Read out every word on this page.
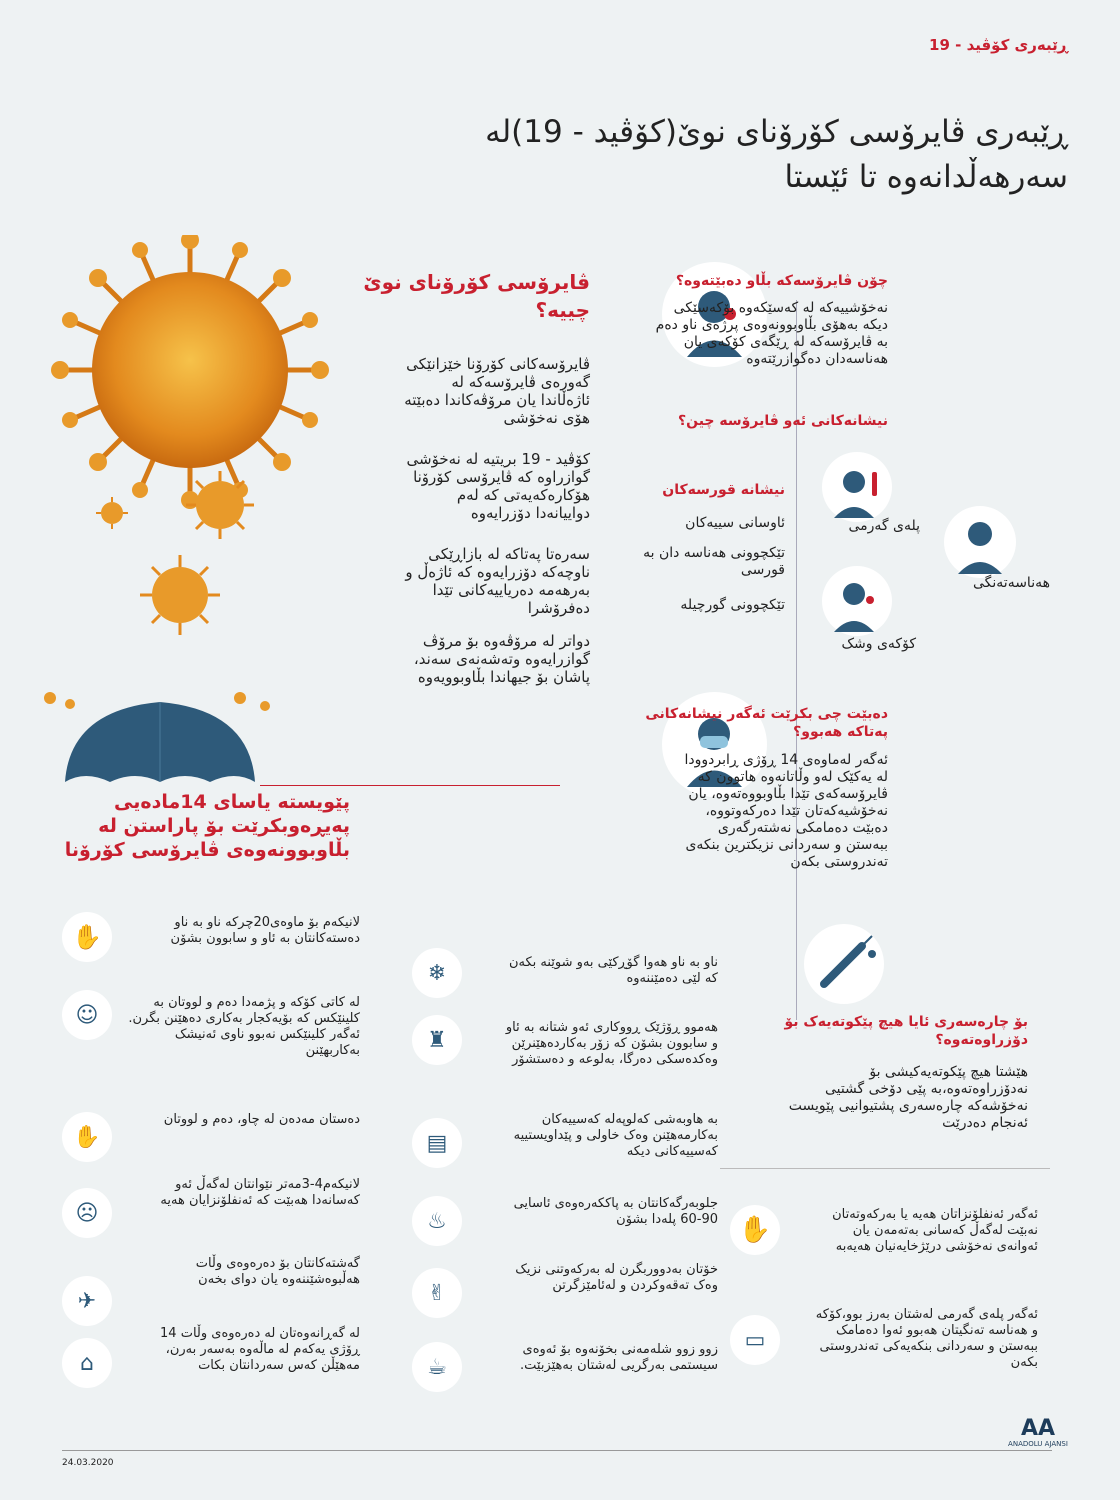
ڕێبەری کۆڤید - 19
ڕێبەری ڤایرۆسی کۆرۆنای نوێ(کۆڤید - 19)لە سەرهەڵدانەوە تا ئێستا
ڤایرۆسی کۆرۆنای نوێ چییە؟
ڤایرۆسەکانی کۆرۆنا خێزانێکی گەورەی ڤایرۆسەکە لە ئاژەڵاندا یان مرۆڤەکاندا دەبێتە هۆی نەخۆشی
کۆڤید - 19 بریتیە لە نەخۆشی گوازراوە کە ڤایرۆسی کۆرۆنا هۆکارەکەیەتی کە لەم دواییانەدا دۆزرایەوە
سەرەتا پەتاکە لە بازاڕێکی ناوچەکە دۆزرایەوە کە ئاژەڵ و بەرهەمە دەریاییەکانی تێدا دەفرۆشرا
دواتر لە مرۆڤەوە بۆ مرۆڤ گوازرایەوە وتەشەنەی سەند، پاشان بۆ جیهاندا بڵاوبوویەوە
پێویستە یاسای 14مادەیی پەیڕەوبکرێت بۆ پاراستن لە بڵاوبوونەوەی ڤایرۆسی کۆرۆنا
چۆن ڤایرۆسەکە بڵاو دەبێتەوە؟
نەخۆشییەکە لە کەسێکەوە بۆکەسێکی دیکە بەهۆی بڵاوبوونەوەی پرژەی ناو دەم بە ڤایرۆسەکە لە ڕێگەی کۆکەی یان هەناسەدان دەگوازرێتەوە
نیشانەکانی ئەو ڤایرۆسە چین؟
نیشانە قورسەکان
ئاوسانی سییەکان
تێکچوونی هەناسە دان بە قورسی
تێکچوونی گورچیلە
پلەی گەرمی
هەناسەتەنگی
کۆکەی وشک
دەبێت چی بکرێت ئەگەر نیشانەکانی پەتاکە هەبوو؟
ئەگەر لەماوەی 14 ڕۆژی ڕابردوودا لە یەکێک لەو وڵاتانەوە هاتوون کە ڤایرۆسەکەی تێدا بڵاوبووەتەوە، یان نەخۆشیەکەتان تێدا دەرکەوتووە، دەبێت دەمامکی نەشتەرگەری ببەستن و سەردانی نزیکترین بنکەی تەندروستی بکەن
بۆ چارەسەری ئایا هیچ پێکوتەیەک بۆ دۆزراوەتەوە؟
هێشتا هیچ پێکوتەیەکیشی بۆ نەدۆزراوەتەوە،بە پێی دۆخی گشتیی نەخۆشەکە چارەسەری پشتیوانیی پێویست ئەنجام دەدرێت
✋
ئەگەر ئەنفلۆنزاتان هەیە یا بەرکەوتەتان نەبێت لەگەڵ کەسانی بەتەمەن یان ئەوانەی نەخۆشی درێژخایەنیان هەیەبە
▭
ئەگەر پلەی گەرمی لەشتان بەرز بوو،کۆکە و هەناسە تەنگیتان هەبوو ئەوا دەمامک ببەستن و سەردانی بنکەیەکی تەندروستی بکەن
✋
لانیکەم بۆ ماوەی20چرکە ناو بە ناو دەستەکانتان بە ئاو و سابوون بشۆن
☺	لە کاتی کۆکە و پژمەدا دەم و لووتان بە کلینێکس کە بۆیەکجار بەکاری دەهێنن بگرن. ئەگەر کلینێکس نەبوو ناوی ئەنیشک بەکاربهێنن
✋
دەستان مەدەن لە چاو، دەم و لووتان
☹
لانیکەم4-3مەتر نێوانتان لەگەڵ ئەو کەسانەدا هەبێت کە ئەنفلۆنزایان هەیە
✈
گەشتەکانتان بۆ دەرەوەی وڵات هەڵبوەشێننەوە یان دوای بخەن
⌂
لە گەڕانەوەتان لە دەرەوەی وڵات 14 ڕۆژی یەکەم لە ماڵەوە بەسەر بەرن، مەهێڵن کەس سەردانتان بکات
❄	ناو بە ناو هەوا گۆڕکێی بەو شوێنە بکەن کە لێی دەمێننەوە
♜	هەموو ڕۆژێک ڕووکاری ئەو شتانە بە ئاو و سابوون بشۆن کە زۆر بەکاردەهێنرێن وەکدەسکی دەرگا، بەلوعە و دەستشۆر
▤
بە هاوبەشی کەلوپەلە کەسییەکان بەکارمەهێنن وەک خاولی و پێداویستییە کەسییەکانی دیکە
♨
جلوبەرگەکانتان بە پاککەرەوەی ئاسایی 90-60 پلەدا بشۆن
✌
خۆتان بەدووربگرن لە بەرکەوتنی نزیک وەک تەقەوکردن و لەئامێزگرتن
☕
زوو زوو شلەمەنی بخۆنەوە بۆ ئەوەی سیستمی بەرگریی لەشتان بەهێزبێت.
24.03.2020
AA
ANADOLU AJANSI
